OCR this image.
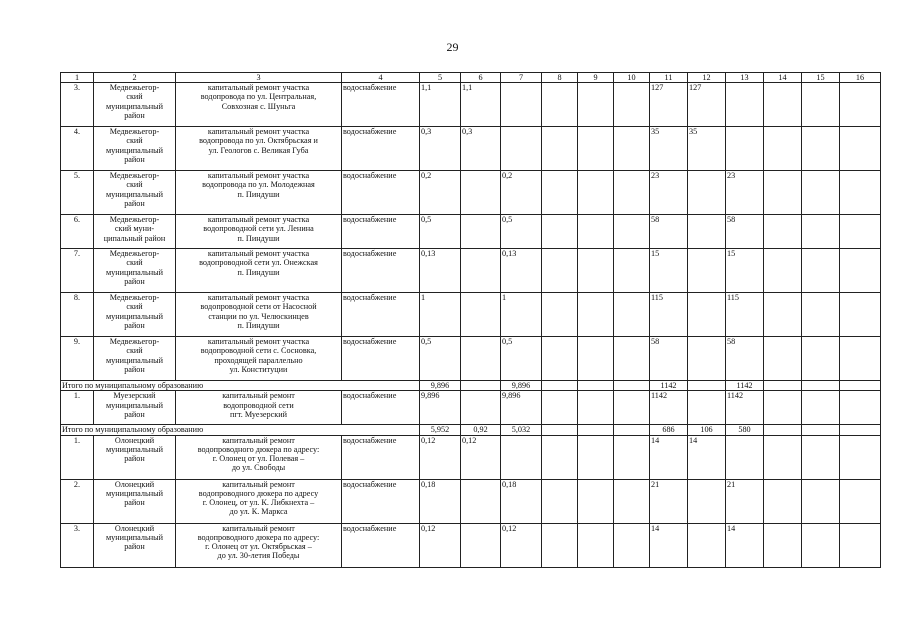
29
1	2	3	4	5	6	7	8	9	10	11	12	13	14	15	16
3.	Медвежьегор-
ский
муниципальный
район	капитальный ремонт участка
водопровода по ул. Центральная,
Совхозная с. Шуньга	водоснабжение	1,1	1,1					127	127				
4.	Медвежьегор-
ский
муниципальный
район	капитальный ремонт участка
водопровода по ул. Октябрьская и
ул. Геологов с. Великая Губа	водоснабжение	0,3	0,3					35	35				
5.	Медвежьегор-
ский
муниципальный
район	капитальный ремонт участка
водопровода по ул. Молодежная
п. Пиндуши	водоснабжение	0,2		0,2				23		23			
6.	Медвежьегор-
ский муни-
ципальный район	капитальный ремонт участка
водопроводной сети ул. Ленина
п. Пиндуши	водоснабжение	0,5		0,5				58		58			
7.	Медвежьегор-
ский
муниципальный
район	капитальный ремонт участка
водопроводной сети ул. Онежская
п. Пиндуши	водоснабжение	0,13		0,13				15		15			
8.	Медвежьегор-
ский
муниципальный
район	капитальный ремонт участка
водопроводной сети от Насосной
станции по ул. Челюскинцев
п. Пиндуши	водоснабжение	1		1				115		115			
9.	Медвежьегор-
ский
муниципальный
район	капитальный ремонт участка
водопроводной сети с. Сосновка,
проходящей параллельно
ул. Конституции	водоснабжение	0,5		0,5				58		58			
Итого по муниципальному образованию				9,896		9,896				1142		1142			
1.	Муезерский
муниципальный
район	капитальный ремонт
водопроводной сети
пгт. Муезерский	водоснабжение	9,896		9,896				1142		1142			
Итого по муниципальному образованию				5,952	0,92	5,032				686	106	580			
1.	Олонецкий
муниципальный
район	капитальный ремонт
водопроводного дюкера по адресу:
г. Олонец от ул. Полевая –
до ул. Свободы	водоснабжение	0,12	0,12					14	14				
2.	Олонецкий
муниципальный
район	капитальный ремонт
водопроводного дюкера по адресу
г. Олонец, от ул. К. Либкнехта –
до ул. К. Маркса	водоснабжение	0,18		0,18				21		21			
3.	Олонецкий
муниципальный
район	капитальный ремонт
водопроводного дюкера по адресу:
г. Олонец от ул. Октябрьская –
до ул. 30-летия Победы	водоснабжение	0,12		0,12				14		14			
